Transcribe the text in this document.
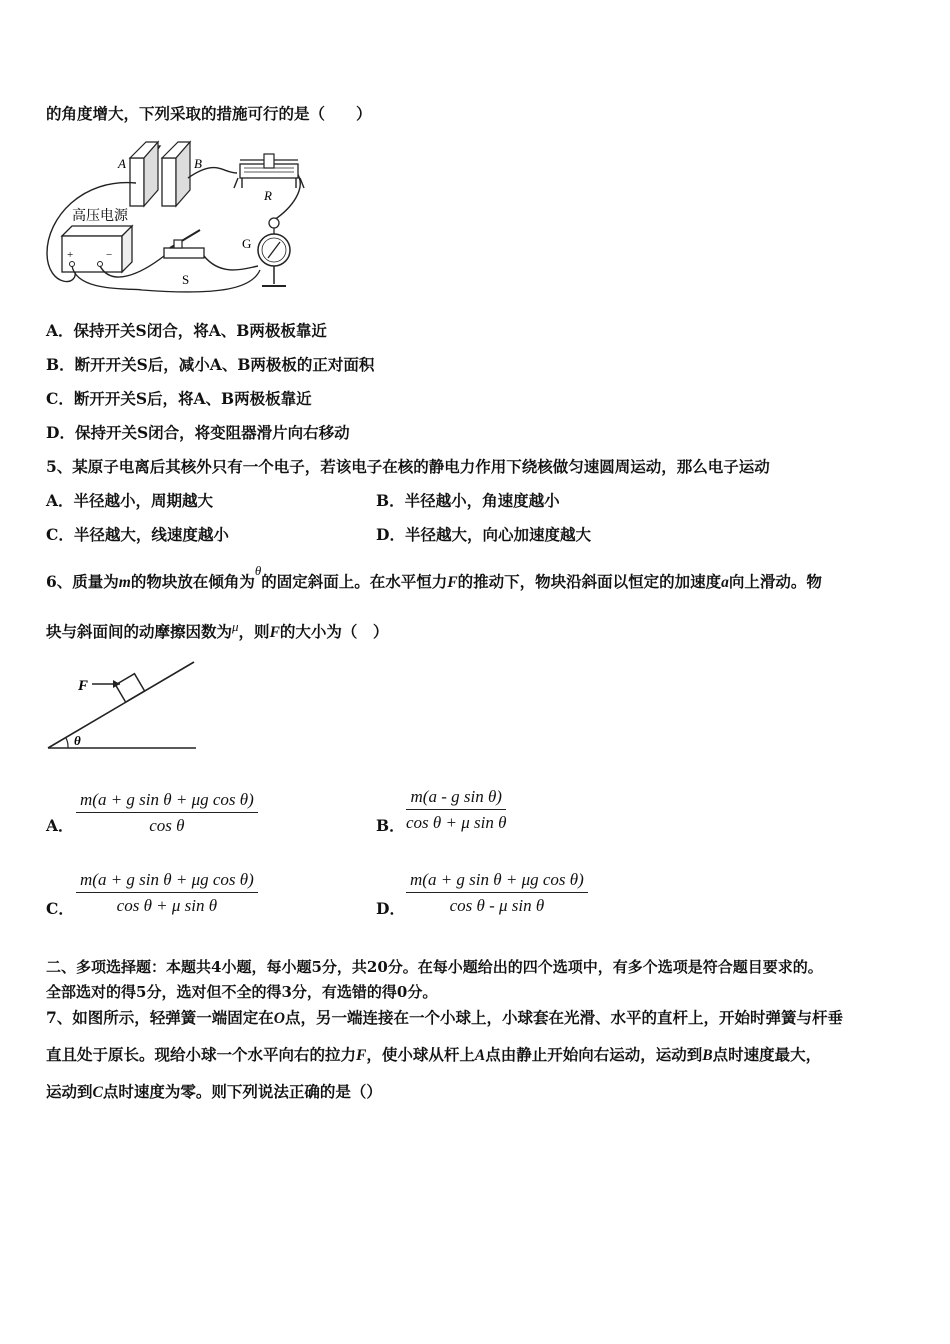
的角度增大，下列采取的措施可行的是（　　）
A	B
R
G
高压电源
+	−
S
A．保持开关S闭合，将A、B两极板靠近
B．断开开关S后，减小A、B两极板的正对面积
C．断开开关S后，将A、B两极板靠近
D．保持开关S闭合，将变阻器滑片向右移动
5、某原子电离后其核外只有一个电子，若该电子在核的静电力作用下绕核做匀速圆周运动，那么电子运动
A．半径越小，周期越大	B．半径越小，角速度越小
C．半径越大，线速度越小	D．半径越大，向心加速度越大
6、质量为m的物块放在倾角为$^\theta$的固定斜面上。在水平恒力F的推动下，物块沿斜面以恒定的加速度a向上滑动。物
块与斜面间的动摩擦因数为$^\mu$，则F的大小为（　）
F
θ
A． $\frac{\text{m(a + g sin θ + μg cos θ)}}{\text{cos θ}}$	B． $\frac{\text{m(a - g sin θ)}}{\text{cos θ + μ sin θ}}$
C． $\frac{\text{m(a + g sin θ + μg cos θ)}}{\text{cos θ + μ sin θ}}$	D． $\frac{\text{m(a + g sin θ + μg cos θ)}}{\text{cos θ - μ sin θ}}$
二、多项选择题：本题共4小题，每小题5分，共20分。在每小题给出的四个选项中，有多个选项是符合题目要求的。
全部选对的得5分，选对但不全的得3分，有选错的得0分。
7、如图所示，轻弹簧一端固定在O点，另一端连接在一个小球上，小球套在光滑、水平的直杆上，开始时弹簧与杆垂
直且处于原长。现给小球一个水平向右的拉力F，使小球从杆上A点由静止开始向右运动，运动到B点时速度最大，
运动到C点时速度为零。则下列说法正确的是（）
